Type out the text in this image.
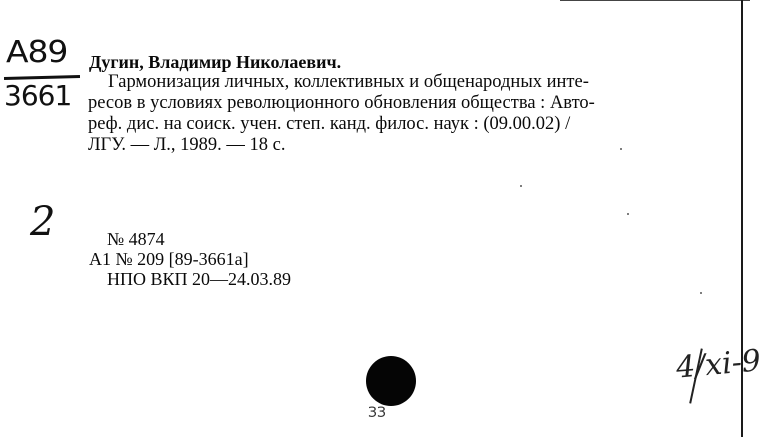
A89
3661
Дугин, Владимир Николаевич.
Гармонизация личных, коллективных и общенародных инте-
ресов в условиях революционного обновления общества : Авто-
реф. дис. на соиск. учен. степ. канд. филос. наук : (09.00.02) /
ЛГУ. — Л., 1989. — 18 с.
2	№ 4874
А1 № 209 [89-3661а]
НПО ВКП 20—24.03.89
ЗЗ
4/xi-9
